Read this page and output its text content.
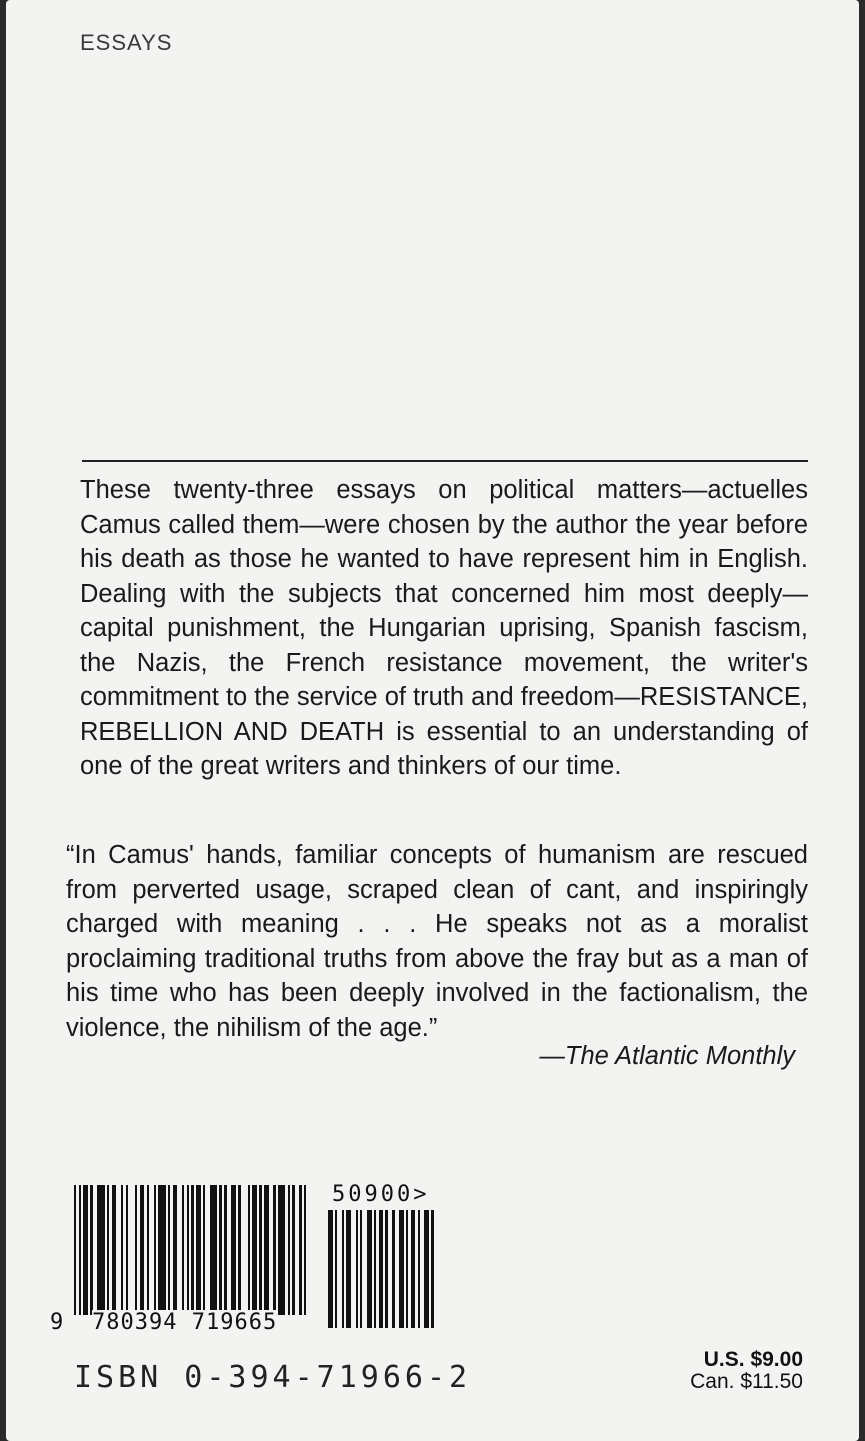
ESSAYS

These twenty-three essays on political matters—actuelles Camus called them—were chosen by the author the year before his death as those he wanted to have represent him in English. Dealing with the subjects that concerned him most deeply—capital punishment, the Hungarian uprising, Spanish fascism, the Nazis, the French resistance movement, the writer's commitment to the service of truth and freedom—RESISTANCE, REBELLION AND DEATH is essential to an understanding of one of the great writers and thinkers of our time.

“In Camus' hands, familiar concepts of humanism are rescued from perverted usage, scraped clean of cant, and inspiringly charged with meaning . . . He speaks not as a moralist proclaiming traditional truths from above the fray but as a man of his time who has been deeply involved in the factionalism, the violence, the nihilism of the age.”

—The Atlantic Monthly
50900>
9 780394 719665
ISBN 0-394-71966-2
U.S. $9.00
Can. $11.50
